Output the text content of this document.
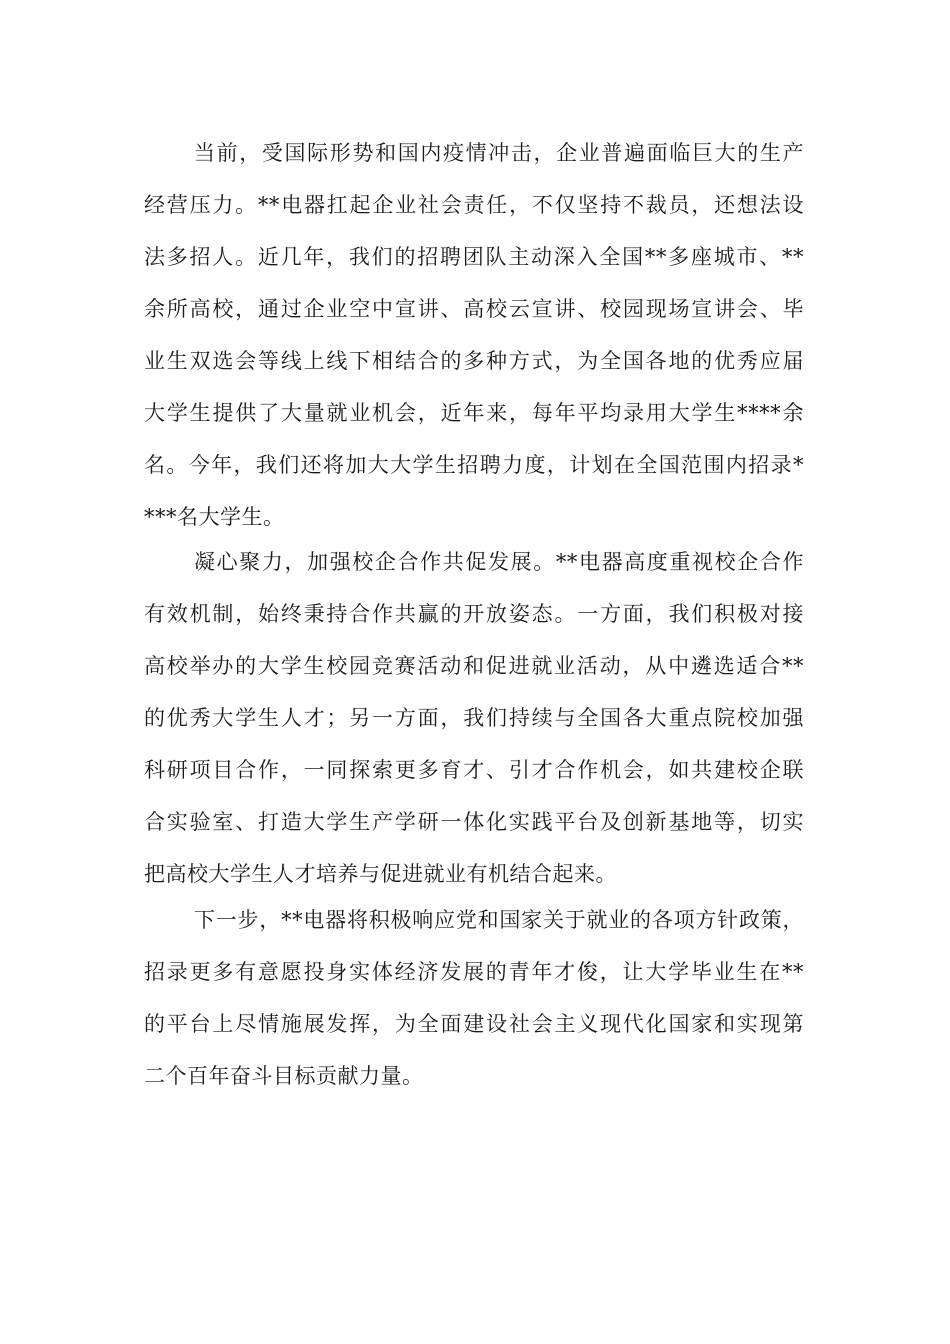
当前，受国际形势和国内疫情冲击，企业普遍面临巨大的生产
经营压力。**电器扛起企业社会责任，不仅坚持不裁员，还想法设
法多招人。近几年，我们的招聘团队主动深入全国**多座城市、**
余所高校，通过企业空中宣讲、高校云宣讲、校园现场宣讲会、毕
业生双选会等线上线下相结合的多种方式，为全国各地的优秀应届
大学生提供了大量就业机会，近年来，每年平均录用大学生****余
名。今年，我们还将加大大学生招聘力度，计划在全国范围内招录*
***名大学生。
凝心聚力，加强校企合作共促发展。**电器高度重视校企合作
有效机制，始终秉持合作共赢的开放姿态。一方面，我们积极对接
高校举办的大学生校园竞赛活动和促进就业活动，从中遴选适合**
的优秀大学生人才；另一方面，我们持续与全国各大重点院校加强
科研项目合作，一同探索更多育才、引才合作机会，如共建校企联
合实验室、打造大学生产学研一体化实践平台及创新基地等，切实
把高校大学生人才培养与促进就业有机结合起来。
下一步，**电器将积极响应党和国家关于就业的各项方针政策，
招录更多有意愿投身实体经济发展的青年才俊，让大学毕业生在**
的平台上尽情施展发挥，为全面建设社会主义现代化国家和实现第
二个百年奋斗目标贡献力量。
